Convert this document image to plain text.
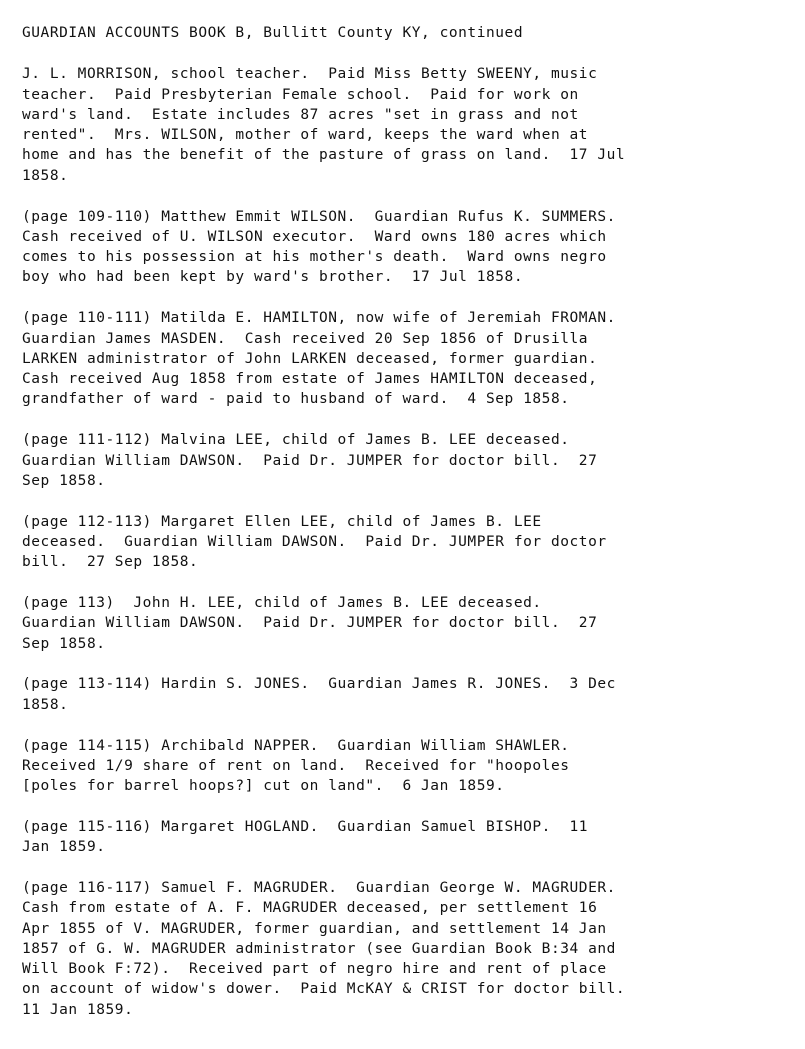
GUARDIAN ACCOUNTS BOOK B, Bullitt County KY, continued
J. L. MORRISON, school teacher.  Paid Miss Betty SWEENY, music
teacher.  Paid Presbyterian Female school.  Paid for work on
ward's land.  Estate includes 87 acres "set in grass and not
rented".  Mrs. WILSON, mother of ward, keeps the ward when at
home and has the benefit of the pasture of grass on land.  17 Jul
1858.
(page 109-110) Matthew Emmit WILSON.  Guardian Rufus K. SUMMERS.
Cash received of U. WILSON executor.  Ward owns 180 acres which
comes to his possession at his mother's death.  Ward owns negro
boy who had been kept by ward's brother.  17 Jul 1858.
(page 110-111) Matilda E. HAMILTON, now wife of Jeremiah FROMAN.
Guardian James MASDEN.  Cash received 20 Sep 1856 of Drusilla
LARKEN administrator of John LARKEN deceased, former guardian.
Cash received Aug 1858 from estate of James HAMILTON deceased,
grandfather of ward - paid to husband of ward.  4 Sep 1858.
(page 111-112) Malvina LEE, child of James B. LEE deceased.
Guardian William DAWSON.  Paid Dr. JUMPER for doctor bill.  27
Sep 1858.
(page 112-113) Margaret Ellen LEE, child of James B. LEE
deceased.  Guardian William DAWSON.  Paid Dr. JUMPER for doctor
bill.  27 Sep 1858.
(page 113)  John H. LEE, child of James B. LEE deceased.
Guardian William DAWSON.  Paid Dr. JUMPER for doctor bill.  27
Sep 1858.
(page 113-114) Hardin S. JONES.  Guardian James R. JONES.  3 Dec
1858.
(page 114-115) Archibald NAPPER.  Guardian William SHAWLER.
Received 1/9 share of rent on land.  Received for "hoopoles
[poles for barrel hoops?] cut on land".  6 Jan 1859.
(page 115-116) Margaret HOGLAND.  Guardian Samuel BISHOP.  11
Jan 1859.
(page 116-117) Samuel F. MAGRUDER.  Guardian George W. MAGRUDER.
Cash from estate of A. F. MAGRUDER deceased, per settlement 16
Apr 1855 of V. MAGRUDER, former guardian, and settlement 14 Jan
1857 of G. W. MAGRUDER administrator (see Guardian Book B:34 and
Will Book F:72).  Received part of negro hire and rent of place
on account of widow's dower.  Paid McKAY & CRIST for doctor bill.
11 Jan 1859.
